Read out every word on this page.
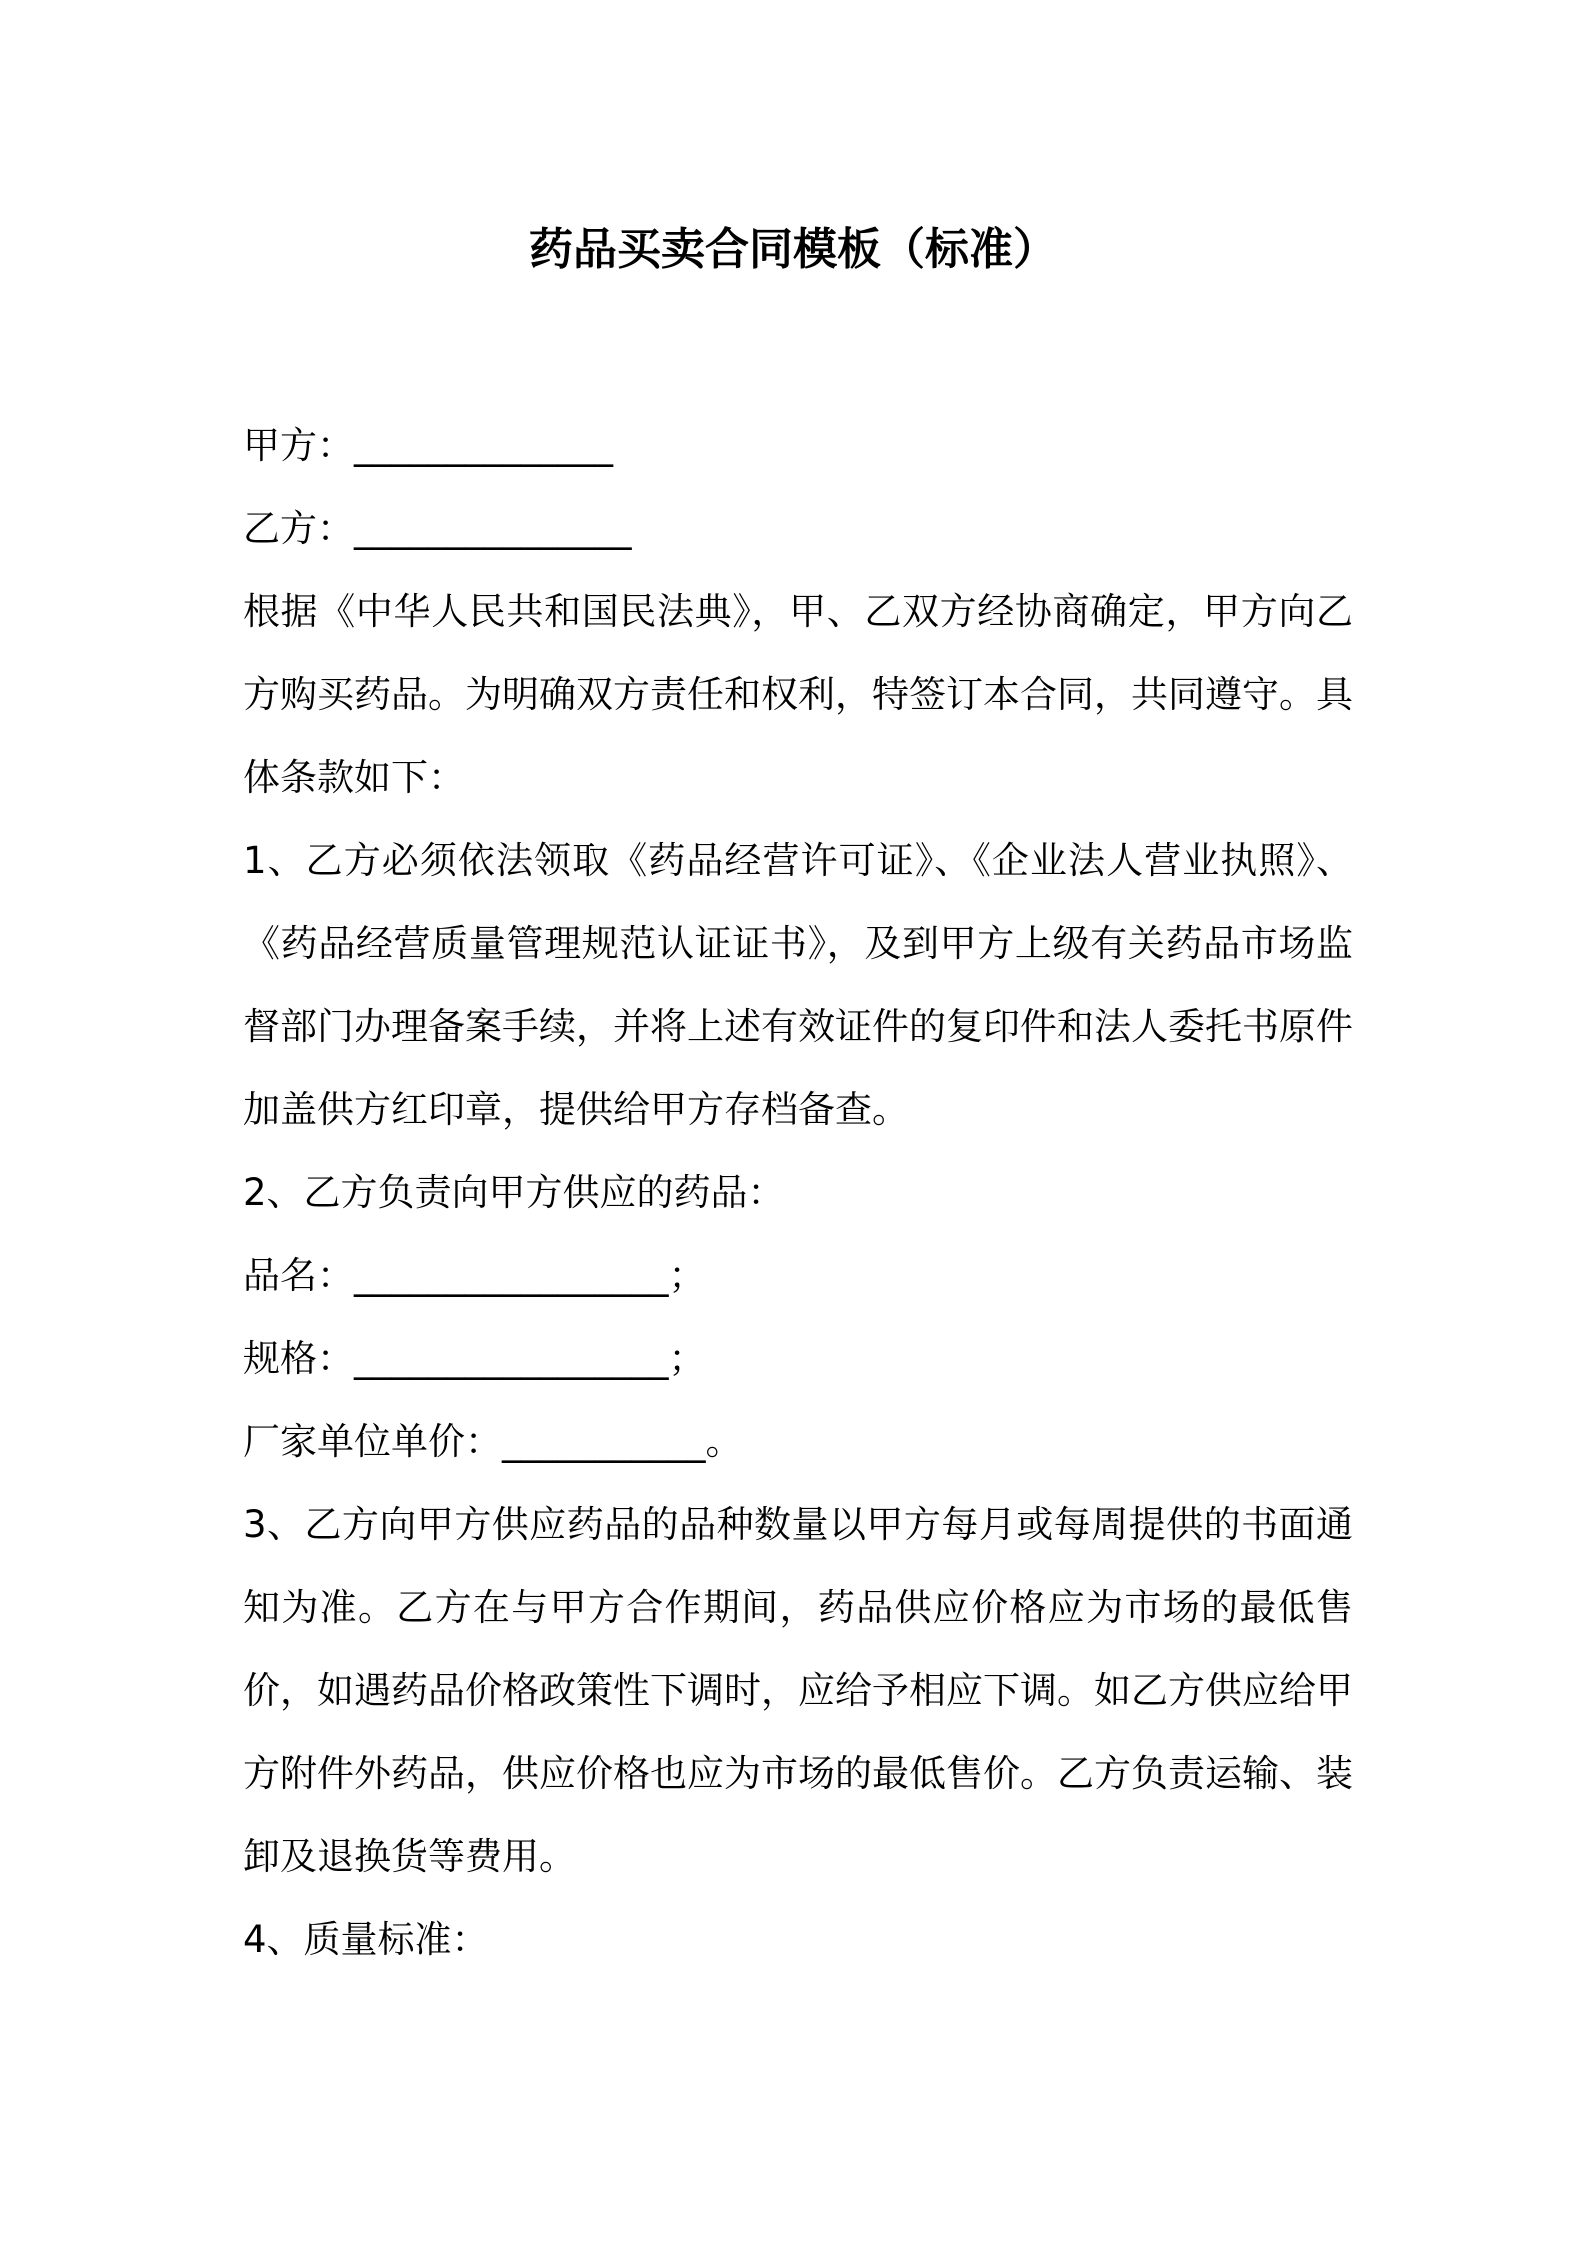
药品买卖合同模板（标准）
甲方：______________
乙方：_______________
根据《中华人民共和国民法典》，甲、乙双方经协商确定，甲方向乙方购买药品。为明确双方责任和权利，特签订本合同，共同遵守。具体条款如下：
1、乙方必须依法领取《药品经营许可证》、《企业法人营业执照》、《药品经营质量管理规范认证证书》，及到甲方上级有关药品市场监督部门办理备案手续，并将上述有效证件的复印件和法人委托书原件加盖供方红印章，提供给甲方存档备查。
2、乙方负责向甲方供应的药品：
品名：_________________；
规格：_________________；
厂家单位单价：___________。
3、乙方向甲方供应药品的品种数量以甲方每月或每周提供的书面通知为准。乙方在与甲方合作期间，药品供应价格应为市场的最低售价，如遇药品价格政策性下调时，应给予相应下调。如乙方供应给甲方附件外药品，供应价格也应为市场的最低售价。乙方负责运输、装卸及退换货等费用。
4、质量标准：
